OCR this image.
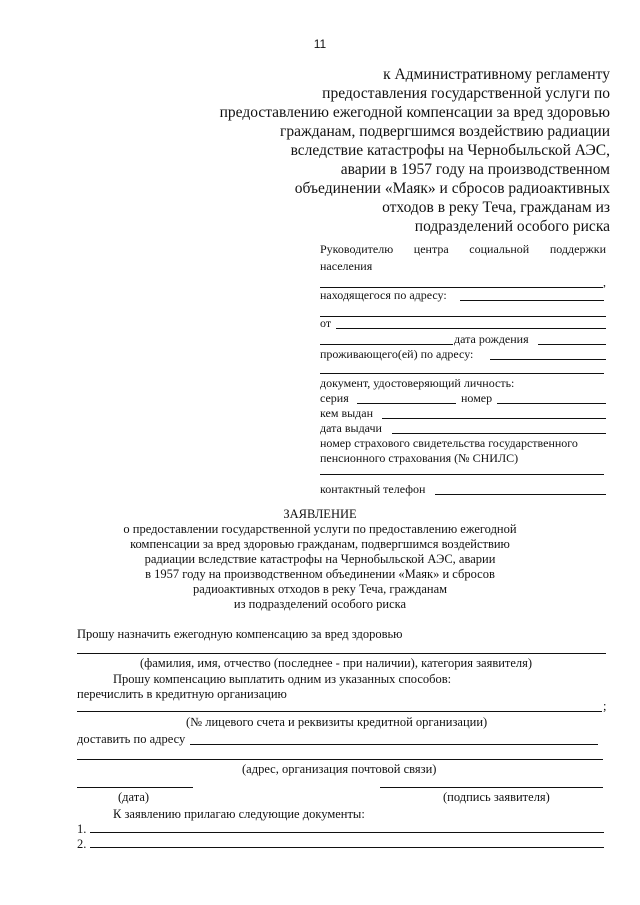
11
к Административному регламенту
предоставления государственной услуги по
предоставлению ежегодной компенсации за вред здоровью
гражданам, подвергшимся воздействию радиации
вследствие катастрофы на Чернобыльской АЭС,
аварии в 1957 году на производственном
объединении «Маяк» и сбросов радиоактивных
отходов в реку Теча, гражданам из
подразделений особого риска
Руководителю центра социальной поддержки
населения
,
находящегося по адресу:
от
дата рождения
проживающего(ей) по адресу:
документ, удостоверяющий личность:
серия	номер
кем выдан
дата выдачи
номер страхового свидетельства государственного
пенсионного страхования (№ СНИЛС)
контактный телефон
ЗАЯВЛЕНИЕ
о предоставлении государственной услуги по предоставлению ежегодной
компенсации за вред здоровью гражданам, подвергшимся воздействию
радиации вследствие катастрофы на Чернобыльской АЭС, аварии
в 1957 году на производственном объединении «Маяк» и сбросов
радиоактивных отходов в реку Теча, гражданам
из подразделений особого риска
Прошу назначить ежегодную компенсацию за вред здоровью
(фамилия, имя, отчество (последнее - при наличии), категория заявителя)
Прошу компенсацию выплатить одним из указанных способов:
перечислить в кредитную организацию
;
(№ лицевого счета и реквизиты кредитной организации)
доставить по адресу
(адрес, организация почтовой связи)
(дата)	(подпись заявителя)
К заявлению прилагаю следующие документы:
1.
2.
